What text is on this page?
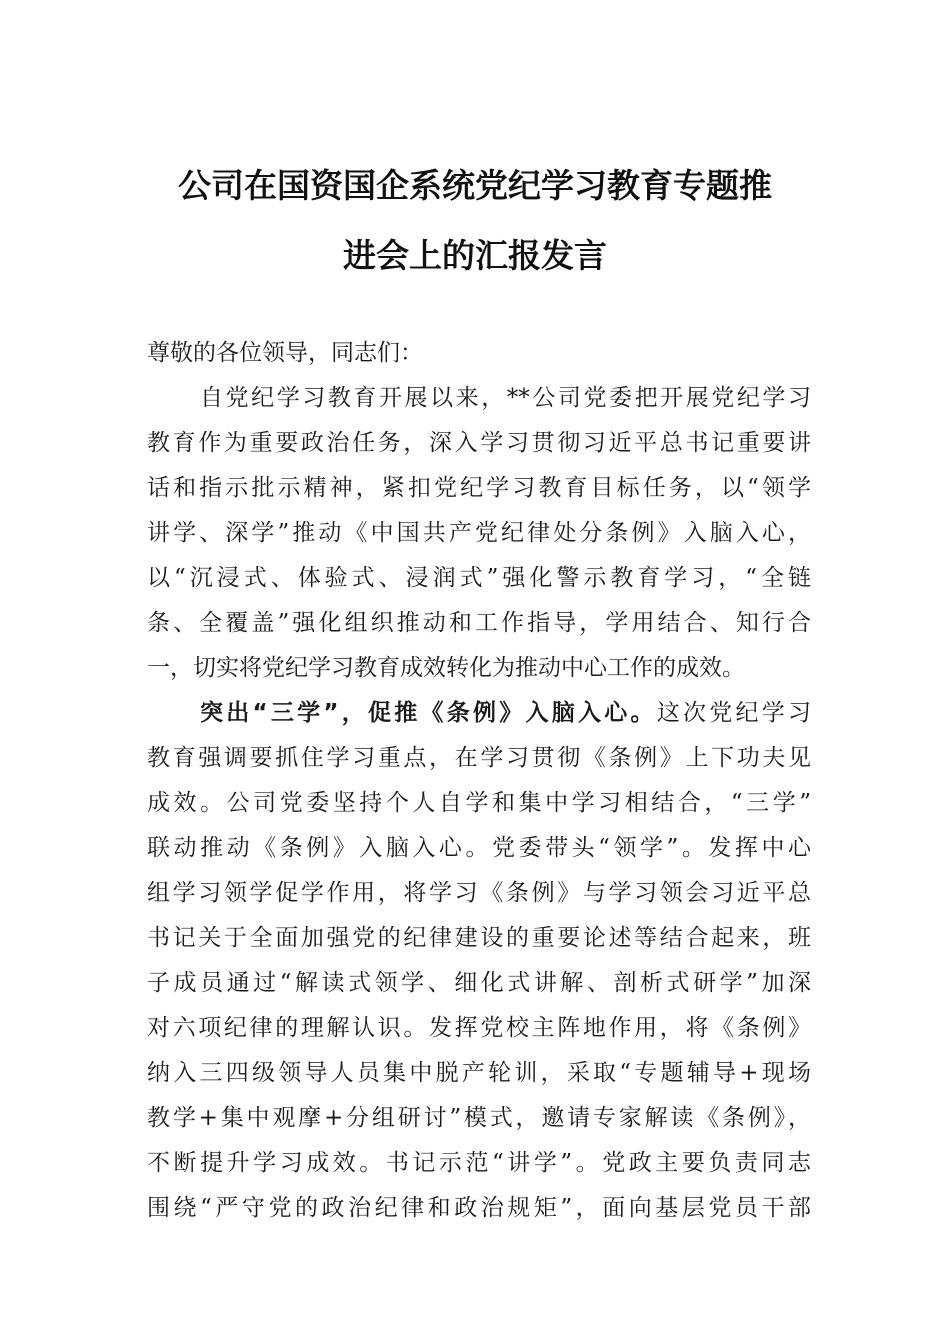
公司在国资国企系统党纪学习教育专题推
进会上的汇报发言
尊敬的各位领导，同志们：
自党纪学习教育开展以来，**公司党委把开展党纪学习
教育作为重要政治任务，深入学习贯彻习近平总书记重要讲
话和指示批示精神，紧扣党纪学习教育目标任务，以“领学
讲学、深学”推动《中国共产党纪律处分条例》入脑入心，
以“沉浸式、体验式、浸润式”强化警示教育学习，“全链
条、全覆盖”强化组织推动和工作指导，学用结合、知行合
一，切实将党纪学习教育成效转化为推动中心工作的成效。
突出“三学”，促推《条例》入脑入心。这次党纪学习
教育强调要抓住学习重点，在学习贯彻《条例》上下功夫见
成效。公司党委坚持个人自学和集中学习相结合，“三学”
联动推动《条例》入脑入心。党委带头“领学”。发挥中心
组学习领学促学作用，将学习《条例》与学习领会习近平总
书记关于全面加强党的纪律建设的重要论述等结合起来，班
子成员通过“解读式领学、细化式讲解、剖析式研学”加深
对六项纪律的理解认识。发挥党校主阵地作用，将《条例》
纳入三四级领导人员集中脱产轮训，采取“专题辅导+现场
教学+集中观摩+分组研讨”模式，邀请专家解读《条例》，
不断提升学习成效。书记示范“讲学”。党政主要负责同志
围绕“严守党的政治纪律和政治规矩”，面向基层党员干部
